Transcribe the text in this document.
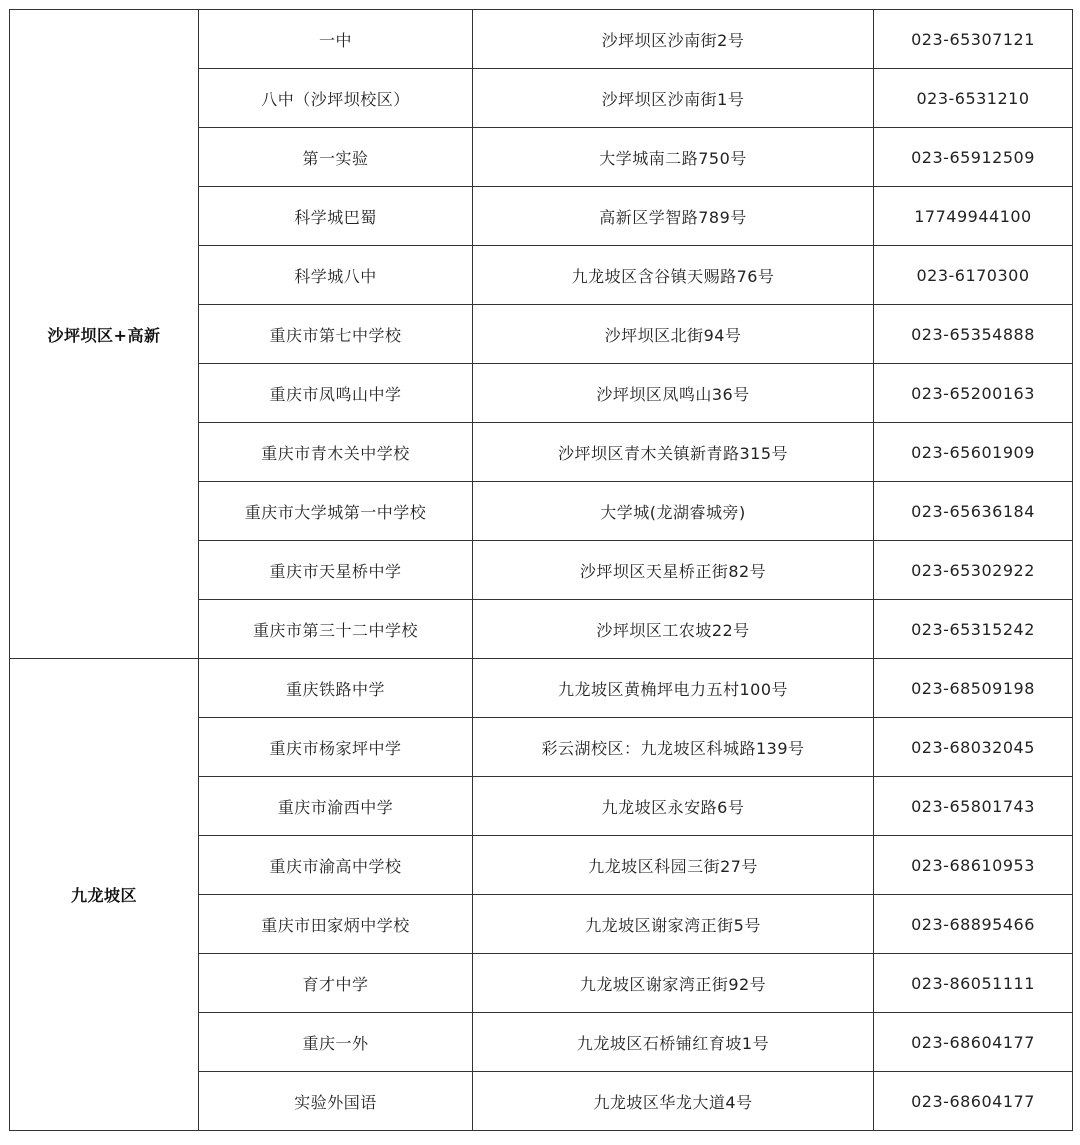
沙坪坝区+高新	一中	沙坪坝区沙南街2号	023-65307121
	八中（沙坪坝校区）	沙坪坝区沙南街1号	023-6531210
	第一实验	大学城南二路750号	023-65912509
	科学城巴蜀	高新区学智路789号	17749944100
	科学城八中	九龙坡区含谷镇天赐路76号	023-6170300
	重庆市第七中学校	沙坪坝区北街94号	023-65354888
	重庆市凤鸣山中学	沙坪坝区凤鸣山36号	023-65200163
	重庆市青木关中学校	沙坪坝区青木关镇新青路315号	023-65601909
	重庆市大学城第一中学校	大学城(龙湖睿城旁)	023-65636184
	重庆市天星桥中学	沙坪坝区天星桥正街82号	023-65302922
	重庆市第三十二中学校	沙坪坝区工农坡22号	023-65315242
九龙坡区	重庆铁路中学	九龙坡区黄桷坪电力五村100号	023-68509198
	重庆市杨家坪中学	彩云湖校区：九龙坡区科城路139号	023-68032045
	重庆市渝西中学	九龙坡区永安路6号	023-65801743
	重庆市渝高中学校	九龙坡区科园三街27号	023-68610953
	重庆市田家炳中学校	九龙坡区谢家湾正街5号	023-68895466
	育才中学	九龙坡区谢家湾正街92号	023-86051111
	重庆一外	九龙坡区石桥铺红育坡1号	023-68604177
	实验外国语	九龙坡区华龙大道4号	023-68604177
